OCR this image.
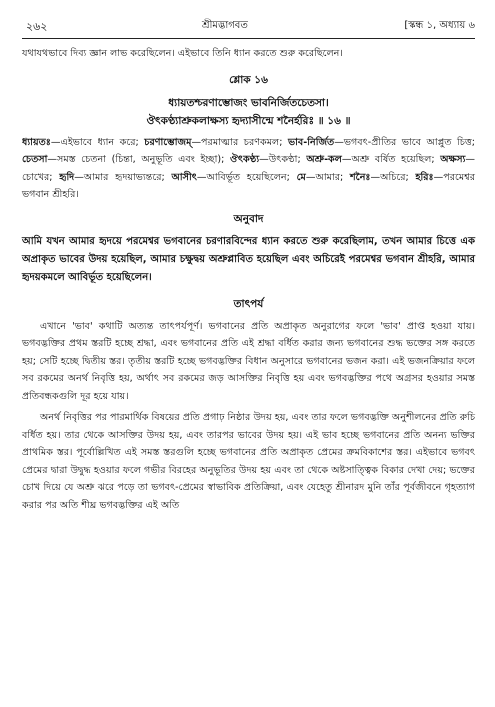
২৬২	শ্রীমদ্ভাগবত	[স্কন্ধ ১, অধ্যায় ৬

যথাযথভাবে দিব্য জ্ঞান লাভ করেছিলেন। এইভাবে তিনি ধ্যান করতে শুরু করেছিলেন।

শ্লোক ১৬
ধ্যায়তশ্চরণাম্ভোজং ভাবনির্জিতচেতসা।
ঔৎকণ্ঠ্যাশ্রুকলাক্ষস্য হৃদ্যাসীন্মে শনৈর্হরিঃ ॥ ১৬ ॥
ধ্যায়তঃ—এইভাবে ধ্যান করে; চরণাম্ভোজম্—পরমাত্মার চরণকমল; ভাব-নির্জিত—ভগবৎ-প্রীতির ভাবে আপ্লুত চিত্ত; চেতসা—সমস্ত চেতনা (চিন্তা, অনুভূতি এবং ইচ্ছা); ঔৎকণ্ঠ্য—উৎকণ্ঠা; অশ্রু-কল—অশ্রু বর্ষিত হয়েছিল; অক্ষস্য—চোখের; হৃদি—আমার হৃদয়াভ্যন্তরে; আসীৎ—আবির্ভূত হয়েছিলেন; মে—আমার; শনৈঃ—অচিরে; হরিঃ—পরমেশ্বর ভগবান শ্রীহরি।
অনুবাদ
আমি যখন আমার হৃদয়ে পরমেশ্বর ভগবানের চরণারবিন্দের ধ্যান করতে শুরু করেছিলাম, তখন আমার চিত্তে এক অপ্রাকৃত ভাবের উদয় হয়েছিল, আমার চক্ষুদ্বয় অশ্রুপ্লাবিত হয়েছিল এবং অচিরেই পরমেশ্বর ভগবান শ্রীহরি, আমার হৃদয়কমলে আবির্ভূত হয়েছিলেন।
তাৎপর্য

এখানে 'ভাব' কথাটি অত্যন্ত তাৎপর্যপূর্ণ। ভগবানের প্রতি অপ্রাকৃত অনুরাগের ফলে 'ভাব' প্রাপ্ত হওয়া যায়। ভগবদ্ভক্তির প্রথম স্তরটি হচ্ছে শ্রদ্ধা, এবং ভগবানের প্রতি এই শ্রদ্ধা বর্ধিত করার জন্য ভগবানের শুদ্ধ ভক্তের সঙ্গ করতে হয়; সেটি হচ্ছে দ্বিতীয় স্তর। তৃতীয় স্তরটি হচ্ছে ভগবদ্ভক্তির বিধান অনুসারে ভগবানের ভজন করা। এই ভজনক্রিয়ার ফলে সব রকমের অনর্থ নিবৃত্তি হয়, অর্থাৎ সব রকমের জড় আসক্তির নিবৃত্তি হয় এবং ভগবদ্ভক্তির পথে অগ্রসর হওয়ার সমস্ত প্রতিবন্ধকগুলি দূর হয়ে যায়।

অনর্থ নিবৃত্তির পর পারমার্থিক বিষয়ের প্রতি প্রগাঢ় নিষ্ঠার উদয় হয়, এবং তার ফলে ভগবদ্ভক্তি অনুশীলনের প্রতি রুচি বর্ধিত হয়। তার থেকে আসক্তির উদয় হয়, এবং তারপর ভাবের উদয় হয়। এই ভাব হচ্ছে ভগবানের প্রতি অনন্য ভক্তির প্রাথমিক স্তর। পূর্বোল্লিখিত এই সমস্ত স্তরগুলি হচ্ছে ভগবানের প্রতি অপ্রাকৃত প্রেমের ক্রমবিকাশের স্তর। এইভাবে ভগবৎ প্রেমের দ্বারা উদ্বুদ্ধ হওয়ার ফলে গভীর বিরহের অনুভূতির উদয় হয় এবং তা থেকে অষ্টসাত্ত্বিক বিকার দেখা দেয়; ভক্তের চোখ দিয়ে যে অশ্রু ঝরে পড়ে তা ভগবৎ-প্রেমের স্বাভাবিক প্রতিক্রিয়া, এবং যেহেতু শ্রীনারদ মুনি তাঁর পূর্বজীবনে গৃহত্যাগ করার পর অতি শীঘ্র ভগবদ্ভক্তির এই অতি
